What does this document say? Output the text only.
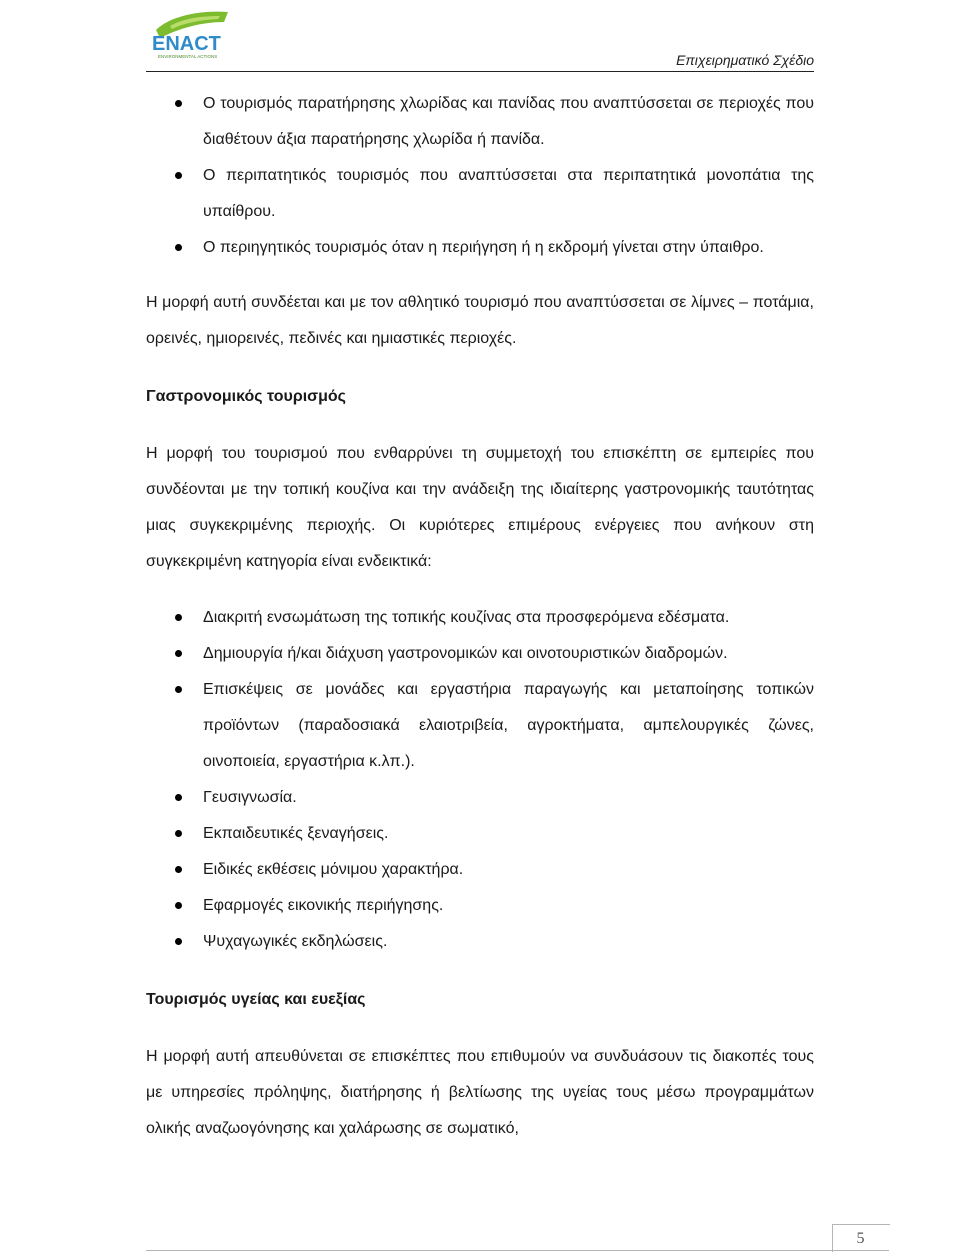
ENACT
ENVIRONMENTAL ACTIONS	Επιχειρηματικό Σχέδιο
Ο τουρισμός παρατήρησης χλωρίδας και πανίδας που αναπτύσσεται σε περιοχές που διαθέτουν άξια παρατήρησης χλωρίδα ή πανίδα.
Ο περιπατητικός τουρισμός που αναπτύσσεται στα περιπατητικά μονοπάτια της υπαίθρου.
Ο περιηγητικός τουρισμός όταν η περιήγηση ή η εκδρομή γίνεται στην ύπαιθρο.

Η μορφή αυτή συνδέεται και με τον αθλητικό τουρισμό που αναπτύσσεται σε λίμνες – ποτάμια, ορεινές, ημιορεινές, πεδινές και ημιαστικές περιοχές.

Γαστρονομικός τουρισμός

Η μορφή του τουρισμού που ενθαρρύνει τη συμμετοχή του επισκέπτη σε εμπειρίες που συνδέονται με την τοπική κουζίνα και την ανάδειξη της ιδιαίτερης γαστρονομικής ταυτότητας μιας συγκεκριμένης περιοχής. Οι κυριότερες επιμέρους ενέργειες που ανήκουν στη συγκεκριμένη κατηγορία είναι ενδεικτικά:

Διακριτή ενσωμάτωση της τοπικής κουζίνας στα προσφερόμενα εδέσματα.
Δημιουργία ή/και διάχυση γαστρονομικών και οινοτουριστικών διαδρομών.
Επισκέψεις σε μονάδες και εργαστήρια παραγωγής και μεταποίησης τοπικών προϊόντων (παραδοσιακά ελαιοτριβεία, αγροκτήματα, αμπελουργικές ζώνες, οινοποιεία, εργαστήρια κ.λπ.).
Γευσιγνωσία.
Εκπαιδευτικές ξεναγήσεις.
Ειδικές εκθέσεις μόνιμου χαρακτήρα.
Εφαρμογές εικονικής περιήγησης.
Ψυχαγωγικές εκδηλώσεις.
Τουρισμός υγείας και ευεξίας

Η μορφή αυτή απευθύνεται σε επισκέπτες που επιθυμούν να συνδυάσουν τις διακοπές τους με υπηρεσίες πρόληψης, διατήρησης ή βελτίωσης της υγείας τους μέσω προγραμμάτων ολικής αναζωογόνησης και χαλάρωσης σε σωματικό,

5
